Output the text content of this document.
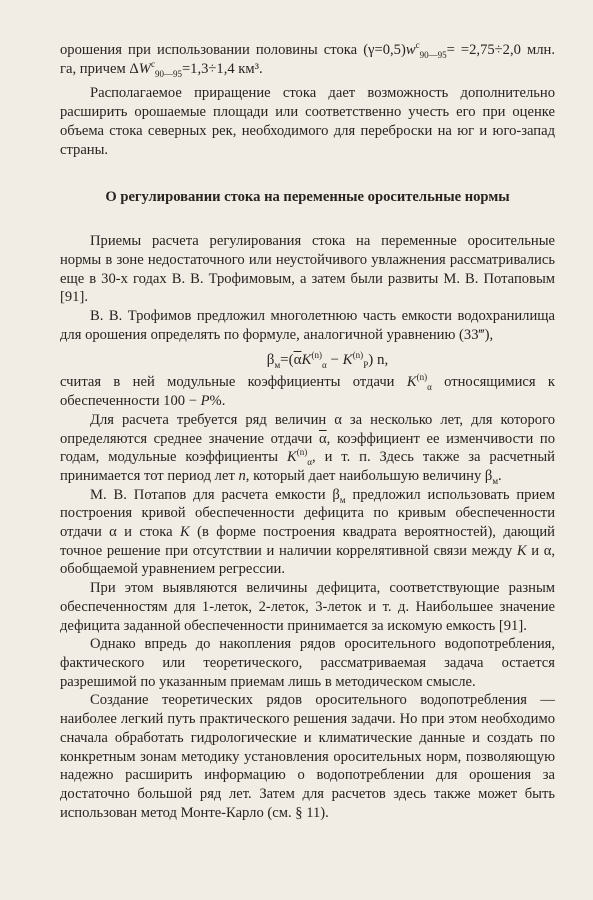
орошения при использовании половины стока $(\gamma=0,5)w^с_{90—95}= =2,75\div 2,0$ млн. га, причем $\Delta W^с_{90—95}=1,3\div 1,4$ км³.

Располагаемое приращение стока дает возможность дополнительно расширить орошаемые площади или соответственно учесть его при оценке объема стока северных рек, необходимого для переброски на юг и юго-запад страны.

О регулировании стока на переменные оросительные нормы

Приемы расчета регулирования стока на переменные оросительные нормы в зоне недостаточного или неустойчивого увлажнения рассматривались еще в 30-х годах В. В. Трофимовым, а затем были развиты М. В. Потаповым [91].

В. В. Трофимов предложил многолетнюю часть емкости водохранилища для орошения определять по формуле, аналогичной уравнению (33‴),

$\beta_м=(\overline{\alpha}K^{(n)}_\alpha - K^{(n)}_P)$ n,

считая в ней модульные коэффициенты отдачи $K^{(n)}_\alpha$ относящимися к обеспеченности 100 − P%.

Для расчета требуется ряд величин α за несколько лет, для которого определяются среднее значение отдачи $\overline{\alpha}$, коэффициент ее изменчивости по годам, модульные коэффициенты $K^{(n)}_\alpha$, и т. п. Здесь также за расчетный принимается тот период лет n, который дает наибольшую величину $\beta_м$.

М. В. Потапов для расчета емкости $\beta_м$ предложил использовать прием построения кривой обеспеченности дефицита по кривым обеспеченности отдачи α и стока K (в форме построения квадрата вероятностей), дающий точное решение при отсутствии и наличии коррелятивной связи между K и α, обобщаемой уравнением регрессии.

При этом выявляются величины дефицита, соответствующие разным обеспеченностям для 1-леток, 2-леток, 3-леток и т. д. Наибольшее значение дефицита заданной обеспеченности принимается за искомую емкость [91].

Однако впредь до накопления рядов оросительного водопотребления, фактического или теоретического, рассматриваемая задача остается разрешимой по указанным приемам лишь в методическом смысле.

Создание теоретических рядов оросительного водопотребления — наиболее легкий путь практического решения задачи. Но при этом необходимо сначала обработать гидрологические и климатические данные и создать по конкретным зонам методику установления оросительных норм, позволяющую надежно расширить информацию о водопотреблении для орошения за достаточно большой ряд лет. Затем для расчетов здесь также может быть использован метод Монте-Карло (см. § 11).
